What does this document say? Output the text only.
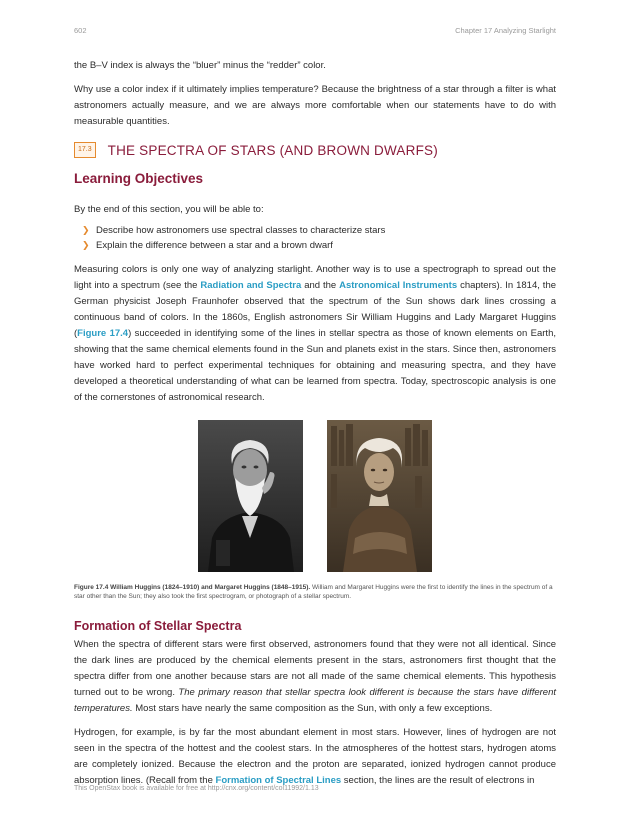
602	Chapter 17 Analyzing Starlight

the B–V index is always the “bluer” minus the “redder” color.

Why use a color index if it ultimately implies temperature? Because the brightness of a star through a filter is what astronomers actually measure, and we are always more comfortable when our statements have to do with measurable quantities.

17.3 THE SPECTRA OF STARS (AND BROWN DWARFS)
Learning Objectives

By the end of this section, you will be able to:

❯ Describe how astronomers use spectral classes to characterize stars
❯ Explain the difference between a star and a brown dwarf

Measuring colors is only one way of analyzing starlight. Another way is to use a spectrograph to spread out the light into a spectrum (see the Radiation and Spectra and the Astronomical Instruments chapters). In 1814, the German physicist Joseph Fraunhofer observed that the spectrum of the Sun shows dark lines crossing a continuous band of colors. In the 1860s, English astronomers Sir William Huggins and Lady Margaret Huggins (Figure 17.4) succeeded in identifying some of the lines in stellar spectra as those of known elements on Earth, showing that the same chemical elements found in the Sun and planets exist in the stars. Since then, astronomers have worked hard to perfect experimental techniques for obtaining and measuring spectra, and they have developed a theoretical understanding of what can be learned from spectra. Today, spectroscopic analysis is one of the cornerstones of astronomical research.

Figure 17.4 William Huggins (1824–1910) and Margaret Huggins (1848–1915). William and Margaret Huggins were the first to identify the lines in the spectrum of a star other than the Sun; they also took the first spectrogram, or photograph of a stellar spectrum.

Formation of Stellar Spectra

When the spectra of different stars were first observed, astronomers found that they were not all identical. Since the dark lines are produced by the chemical elements present in the stars, astronomers first thought that the spectra differ from one another because stars are not all made of the same chemical elements. This hypothesis turned out to be wrong. The primary reason that stellar spectra look different is because the stars have different temperatures. Most stars have nearly the same composition as the Sun, with only a few exceptions.

Hydrogen, for example, is by far the most abundant element in most stars. However, lines of hydrogen are not seen in the spectra of the hottest and the coolest stars. In the atmospheres of the hottest stars, hydrogen atoms are completely ionized. Because the electron and the proton are separated, ionized hydrogen cannot produce absorption lines. (Recall from the Formation of Spectral Lines section, the lines are the result of electrons in

This OpenStax book is available for free at http://cnx.org/content/col11992/1.13
